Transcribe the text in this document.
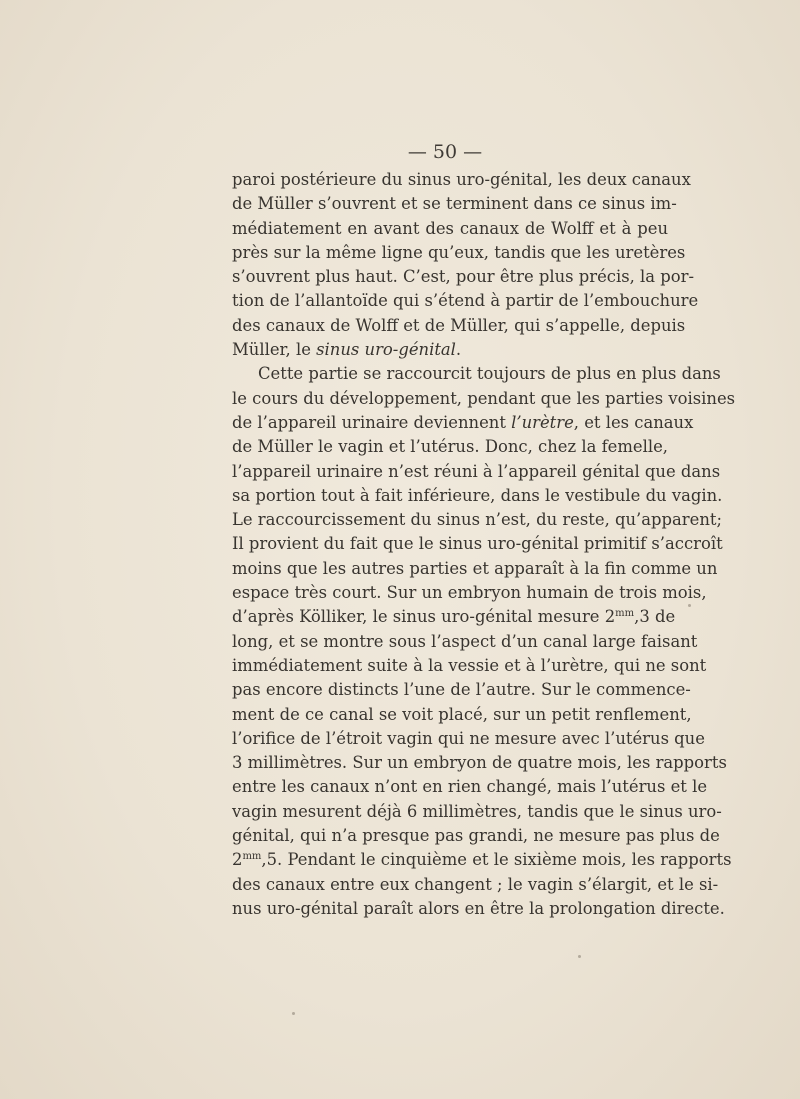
— 50 —
paroi postérieure du sinus uro-génital, les deux canaux
de Müller s’ouvrent et se terminent dans ce sinus im-
médiatement en avant des canaux de Wolff et à peu
près sur la même ligne qu’eux, tandis que les uretères
s’ouvrent plus haut. C’est, pour être plus précis, la por-
tion de l’allantoïde qui s’étend à partir de l’embouchure
des canaux de Wolff et de Müller, qui s’appelle, depuis
Müller, le sinus uro-génital.
Cette partie se raccourcit toujours de plus en plus dans
le cours du développement, pendant que les parties voisines
de l’appareil urinaire deviennent l’urètre, et les canaux
de Müller le vagin et l’utérus. Donc, chez la femelle,
l’appareil urinaire n’est réuni à l’appareil génital que dans
sa portion tout à fait inférieure, dans le vestibule du vagin.
Le raccourcissement du sinus n’est, du reste, qu’apparent;
Il provient du fait que le sinus uro-génital primitif s’accroît
moins que les autres parties et apparaît à la fin comme un
espace très court. Sur un embryon humain de trois mois,
d’après Kölliker, le sinus uro-génital mesure $2^{mm},3$ de
long, et se montre sous l’aspect d’un canal large faisant
immédiatement suite à la vessie et à l’urètre, qui ne sont
pas encore distincts l’une de l’autre. Sur le commence-
ment de ce canal se voit placé, sur un petit renflement,
l’orifice de l’étroit vagin qui ne mesure avec l’utérus que
3 millimètres. Sur un embryon de quatre mois, les rapports
entre les canaux n’ont en rien changé, mais l’utérus et le
vagin mesurent déjà 6 millimètres, tandis que le sinus uro-
génital, qui n’a presque pas grandi, ne mesure pas plus de
$2^{mm},5$. Pendant le cinquième et le sixième mois, les rapports
des canaux entre eux changent ; le vagin s’élargit, et le si-
nus uro-génital paraît alors en être la prolongation directe.
